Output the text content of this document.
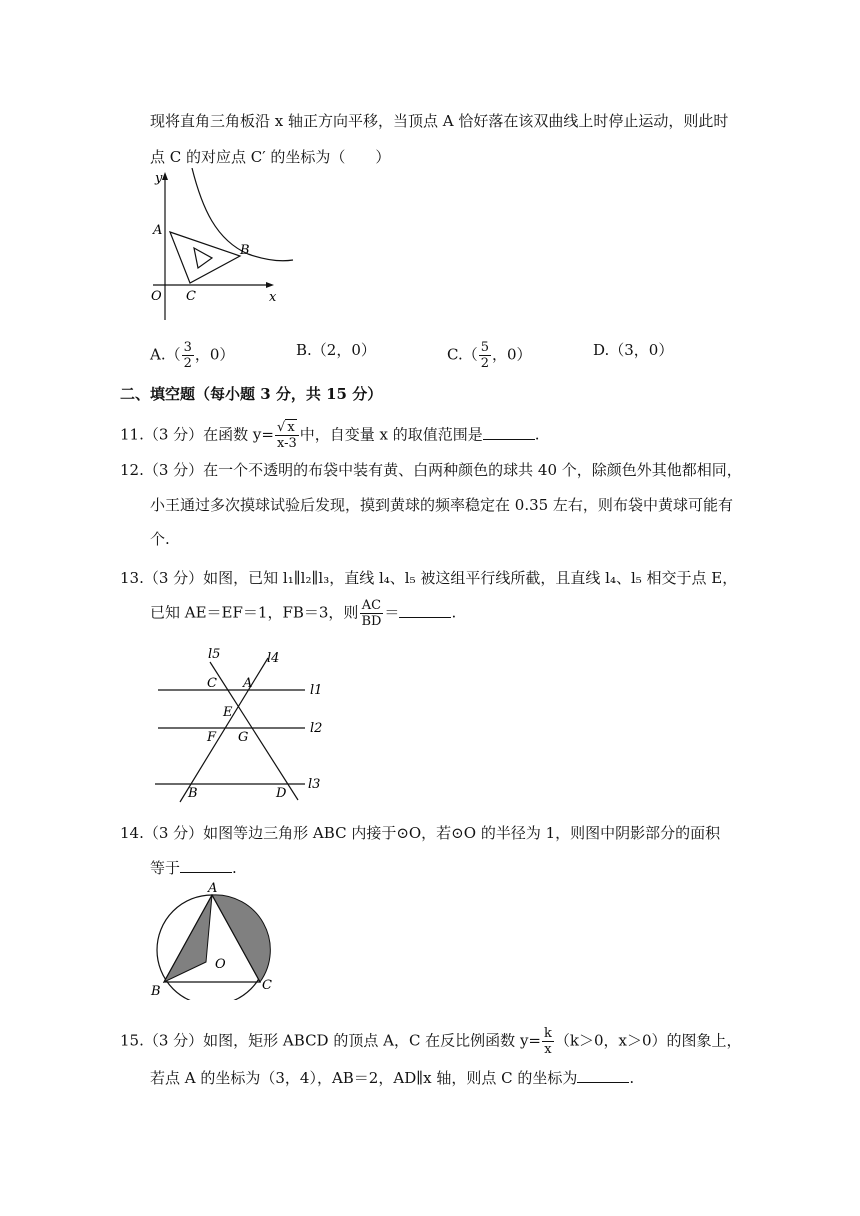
现将直角三角板沿 x 轴正方向平移，当顶点 A 恰好落在该双曲线上时停止运动，则此时
点 C 的对应点 C′ 的坐标为（　　）
y
A
B
O C	x
$A.( \frac{3}{2}$ ，0）	B.（2，0）	$C.( \frac{5}{2}$ ，0）	D.（3，0）
二、填空题（每小题 3 分，共 15 分）
11.（3 分）在函数 $y= \frac{√ x}{x-3}$ 中，自变量 x 的取值范围是	.
12.（3 分）在一个不透明的布袋中装有黄、白两种颜色的球共 40 个，除颜色外其他都相同，
小王通过多次摸球试验后发现，摸到黄球的频率稳定在 0.35 左右，则布袋中黄球可能有
个.
13.（3 分）如图，已知 l₁∥l₂∥l₃，直线 l₄、l₅ 被这组平行线所截，且直线 l₄、l₅ 相交于点 E，
已知 AE＝EF＝1，FB＝3，则 $\frac{AC}{BD}$ ＝	.
l5	l4
l1
l2
l3
C A
E
F G
B	D
14.（3 分）如图等边三角形 ABC 内接于⊙O，若⊙O 的半径为 1，则图中阴影部分的面积
等于	.
A
B	C
O
15.（3 分）如图，矩形 ABCD 的顶点 A，C 在反比例函数 $y= \frac{k}{x} (k>0$，x＞0）的图象上，
若点 A 的坐标为（3，4），AB＝2，AD∥x 轴，则点 C 的坐标为	.
